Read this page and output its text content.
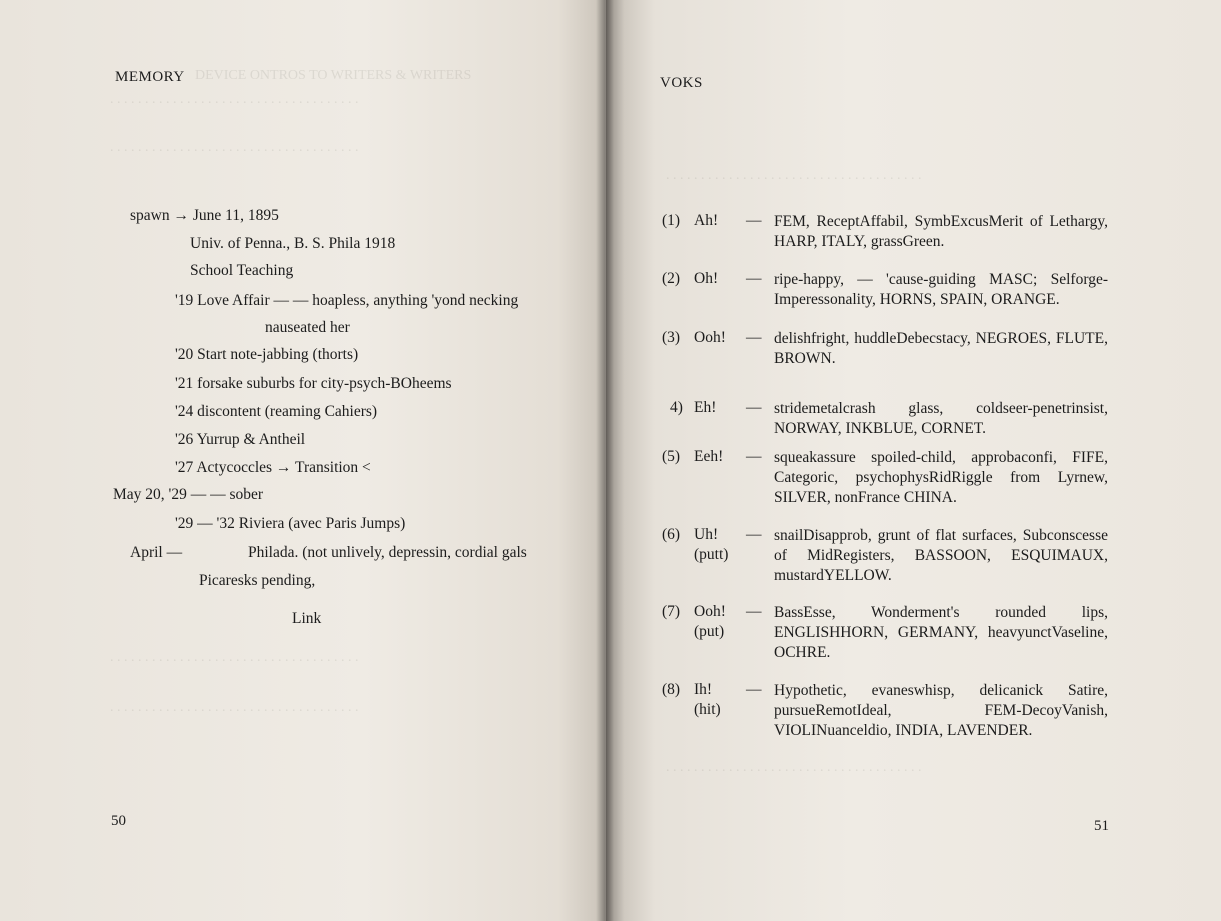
DEVICE ONTROS TO WRITERS & WRITERS
. . . . . . . . . . . . . . . . . . . . . . . . . . . . . . . . . . . .
. . . . . . . . . . . . . . . . . . . . . . . . . . . . . . . . . . . .
. . . . . . . . . . . . . . . . . . . . . . . . . . . . . . . . . . . .
. . . . . . . . . . . . . . . . . . . . . . . . . . . . . . . . . . . .
MEMORY
spawn → June 11, 1895
Univ. of Penna., B. S. Phila 1918
School Teaching
'19 Love Affair — — hoapless, anything 'yond necking
nauseated her
'20 Start note-jabbing (thorts)
'21 forsake suburbs for city-psych-BOheems
'24 discontent (reaming Cahiers)
'26 Yurrup & Antheil
'27 Actycoccles → Transition <
May 20, '29 — — sober
'29 — '32 Riviera (avec Paris Jumps)
April —	Philada. (not unlively, depressin, cordial gals
Picaresks pending,
Link
50
. . . . . . . . . . . . . . . . . . . . . . . . . . . . . . . . . . . . .
. . . . . . . . . . . . . . . . . . . . . . . . . . . . . . . . . . . . .
VOKS
(1) Ah! — FEM, ReceptAffabil, SymbExcusMerit of Lethargy, HARP, ITALY, grassGreen.
(2) Oh! — ripe-happy, — 'cause-guiding MASC; Selforge-Imperessonality, HORNS, SPAIN, ORANGE.
(3) Ooh! — delishfright, huddleDebecstacy, NEGROES, FLUTE, BROWN.
4) Eh! — stridemetalcrash glass, coldseer-penetrinsist, NORWAY, INKBLUE, CORNET.
(5) Eeh! — squeakassure spoiled-child, approbaconfi, FIFE, Categoric, psychophysRidRiggle from Lyrnew, SILVER, nonFrance CHINA.
(6) Uh!
(putt)
— snailDisapprob, grunt of flat surfaces, Subconscesse of MidRegisters, BASSOON, ESQUIMAUX, mustardYELLOW.
(7) Ooh!
(put)
— BassEsse, Wonderment's rounded lips, ENGLISHHORN, GERMANY, heavyunctVaseline, OCHRE.
(8) Ih!
(hit)
— Hypothetic, evaneswhisp, delicanick Satire, pursueRemotIdeal, FEM-DecoyVanish, VIOLINuanceldio, INDIA, LAVENDER.
51
